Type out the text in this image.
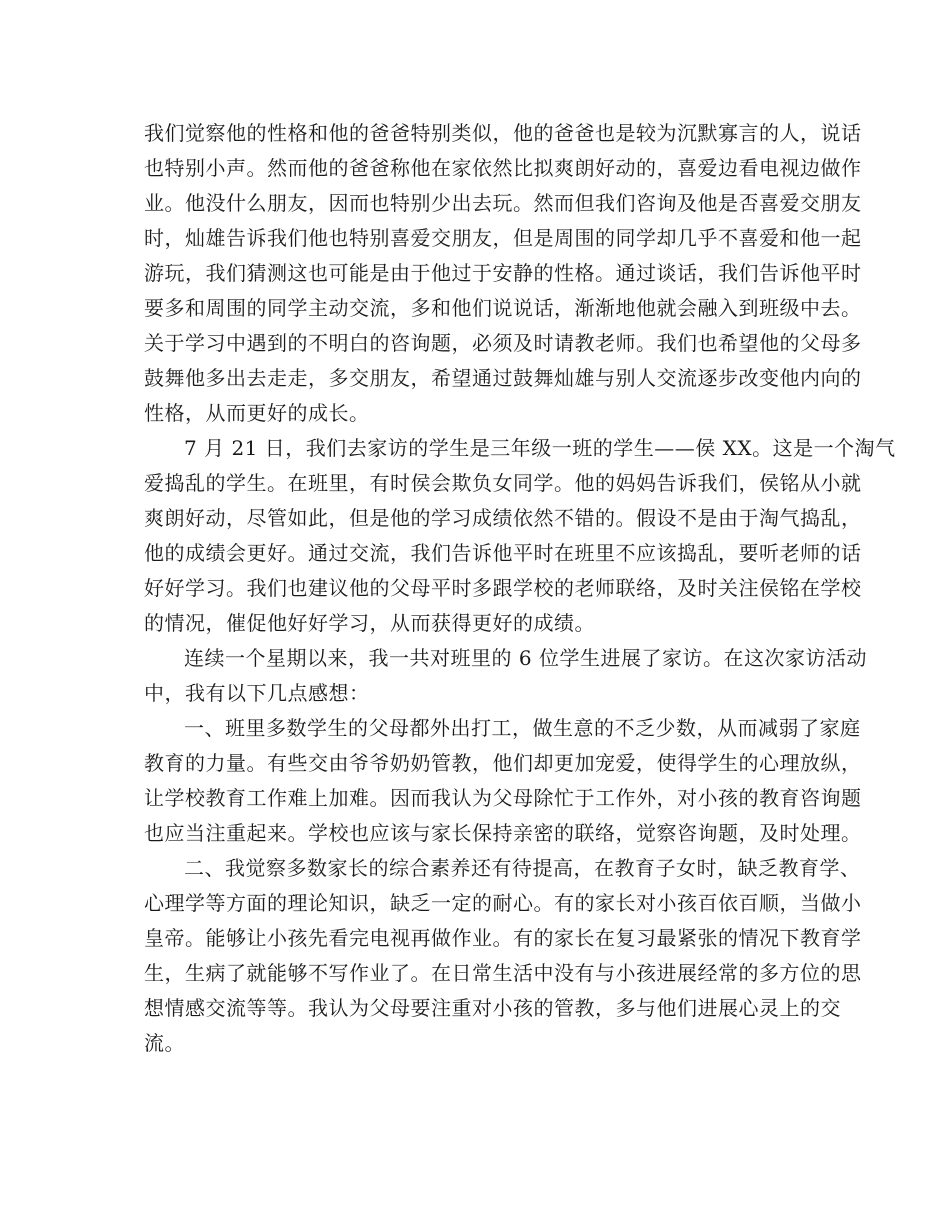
我们觉察他的性格和他的爸爸特别类似，他的爸爸也是较为沉默寡言的人，说话
也特别小声。然而他的爸爸称他在家依然比拟爽朗好动的，喜爱边看电视边做作
业。他没什么朋友，因而也特别少出去玩。然而但我们咨询及他是否喜爱交朋友
时，灿雄告诉我们他也特别喜爱交朋友，但是周围的同学却几乎不喜爱和他一起
游玩，我们猜测这也可能是由于他过于安静的性格。通过谈话，我们告诉他平时
要多和周围的同学主动交流，多和他们说说话，渐渐地他就会融入到班级中去。
关于学习中遇到的不明白的咨询题，必须及时请教老师。我们也希望他的父母多
鼓舞他多出去走走，多交朋友，希望通过鼓舞灿雄与别人交流逐步改变他内向的
性格，从而更好的成长。
7 月 21 日，我们去家访的学生是三年级一班的学生——侯 XX。这是一个淘气
爱捣乱的学生。在班里，有时侯会欺负女同学。他的妈妈告诉我们，侯铭从小就
爽朗好动，尽管如此，但是他的学习成绩依然不错的。假设不是由于淘气捣乱，
他的成绩会更好。通过交流，我们告诉他平时在班里不应该捣乱，要听老师的话
好好学习。我们也建议他的父母平时多跟学校的老师联络，及时关注侯铭在学校
的情况，催促他好好学习，从而获得更好的成绩。
连续一个星期以来，我一共对班里的 6 位学生进展了家访。在这次家访活动
中，我有以下几点感想：
一、班里多数学生的父母都外出打工，做生意的不乏少数，从而减弱了家庭
教育的力量。有些交由爷爷奶奶管教，他们却更加宠爱，使得学生的心理放纵，
让学校教育工作难上加难。因而我认为父母除忙于工作外，对小孩的教育咨询题
也应当注重起来。学校也应该与家长保持亲密的联络，觉察咨询题，及时处理。
二、我觉察多数家长的综合素养还有待提高，在教育子女时，缺乏教育学、
心理学等方面的理论知识，缺乏一定的耐心。有的家长对小孩百依百顺，当做小
皇帝。能够让小孩先看完电视再做作业。有的家长在复习最紧张的情况下教育学
生，生病了就能够不写作业了。在日常生活中没有与小孩进展经常的多方位的思
想情感交流等等。我认为父母要注重对小孩的管教，多与他们进展心灵上的交
流。
